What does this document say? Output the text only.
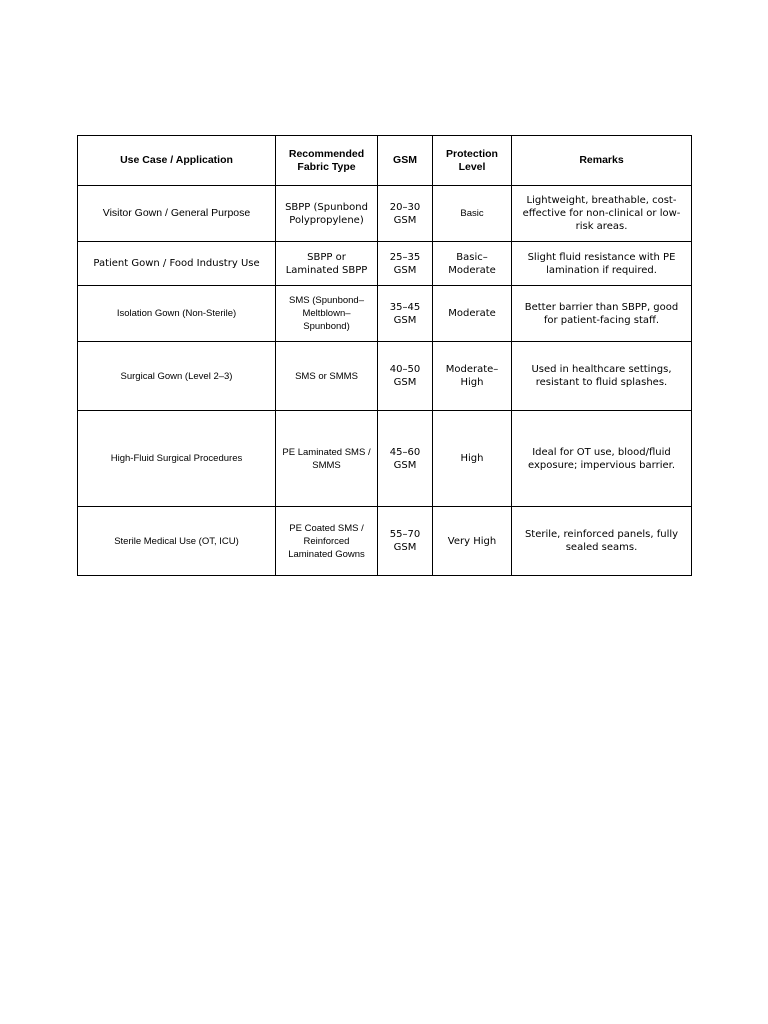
Use Case / Application	Recommended Fabric Type	GSM	Protection Level	Remarks
Visitor Gown / General Purpose	SBPP (Spunbond Polypropylene)	20–30 GSM	Basic	Lightweight, breathable, cost-effective for non-clinical or low-risk areas.
Patient Gown / Food Industry Use	SBPP or Laminated SBPP	25–35 GSM	Basic–Moderate	Slight fluid resistance with PE lamination if required.
Isolation Gown (Non-Sterile)	SMS (Spunbond–Meltblown–Spunbond)	35–45 GSM	Moderate	Better barrier than SBPP, good for patient-facing staff.
Surgical Gown (Level 2–3)	SMS or SMMS	40–50 GSM	Moderate–High	Used in healthcare settings, resistant to fluid splashes.
High-Fluid Surgical Procedures	PE Laminated SMS / SMMS	45–60 GSM	High	Ideal for OT use, blood/fluid exposure; impervious barrier.
Sterile Medical Use (OT, ICU)	PE Coated SMS / Reinforced Laminated Gowns	55–70 GSM	Very High	Sterile, reinforced panels, fully sealed seams.
